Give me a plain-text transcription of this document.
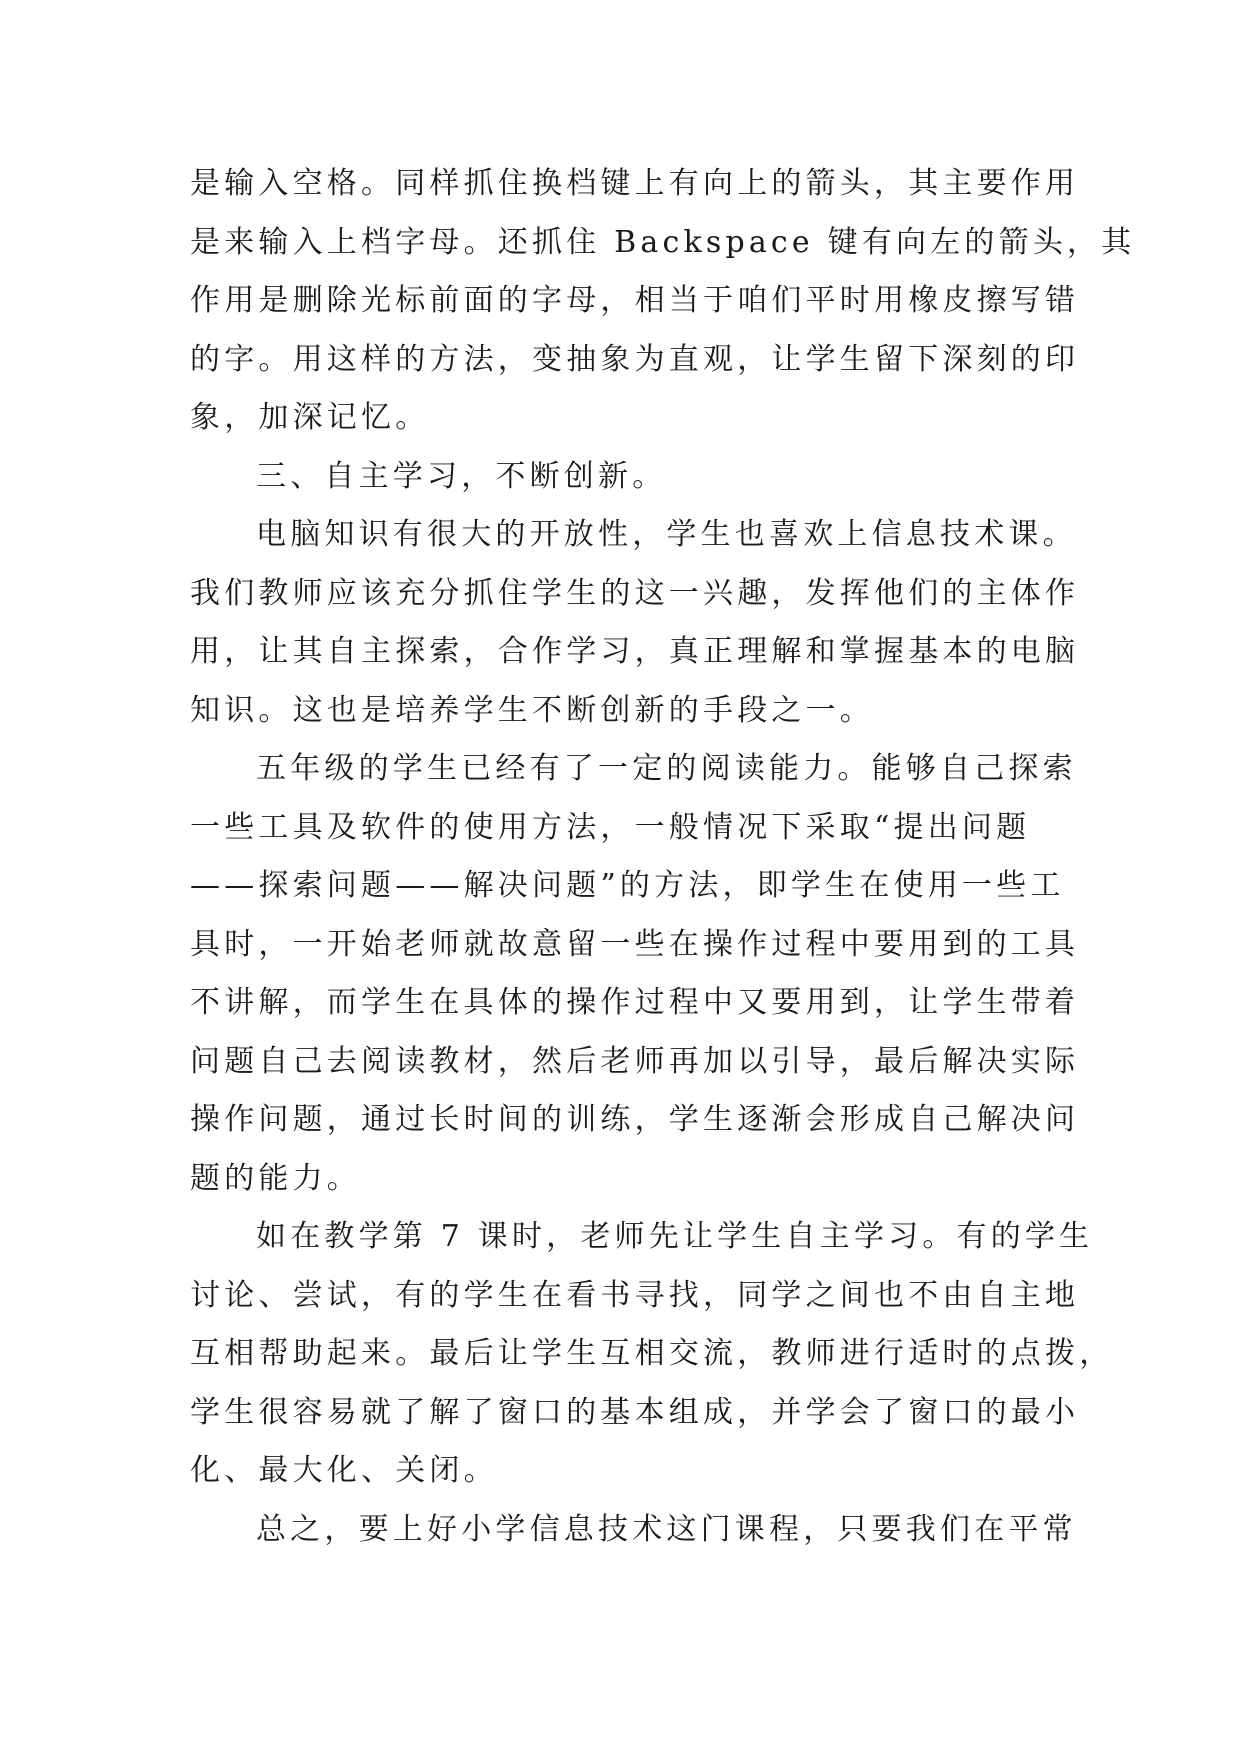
是输入空格。同样抓住换档键上有向上的箭头，其主要作用
是来输入上档字母。还抓住 Backspace 键有向左的箭头，其
作用是删除光标前面的字母，相当于咱们平时用橡皮擦写错
的字。用这样的方法，变抽象为直观，让学生留下深刻的印
象，加深记忆。
三、自主学习，不断创新。
电脑知识有很大的开放性，学生也喜欢上信息技术课。
我们教师应该充分抓住学生的这一兴趣，发挥他们的主体作
用，让其自主探索，合作学习，真正理解和掌握基本的电脑
知识。这也是培养学生不断创新的手段之一。
五年级的学生已经有了一定的阅读能力。能够自己探索
一些工具及软件的使用方法，一般情况下采取“提出问题
——探索问题——解决问题”的方法，即学生在使用一些工
具时，一开始老师就故意留一些在操作过程中要用到的工具
不讲解，而学生在具体的操作过程中又要用到，让学生带着
问题自己去阅读教材，然后老师再加以引导，最后解决实际
操作问题，通过长时间的训练，学生逐渐会形成自己解决问
题的能力。
如在教学第 7 课时，老师先让学生自主学习。有的学生
讨论、尝试，有的学生在看书寻找，同学之间也不由自主地
互相帮助起来。最后让学生互相交流，教师进行适时的点拨，
学生很容易就了解了窗口的基本组成，并学会了窗口的最小
化、最大化、关闭。
总之，要上好小学信息技术这门课程，只要我们在平常
